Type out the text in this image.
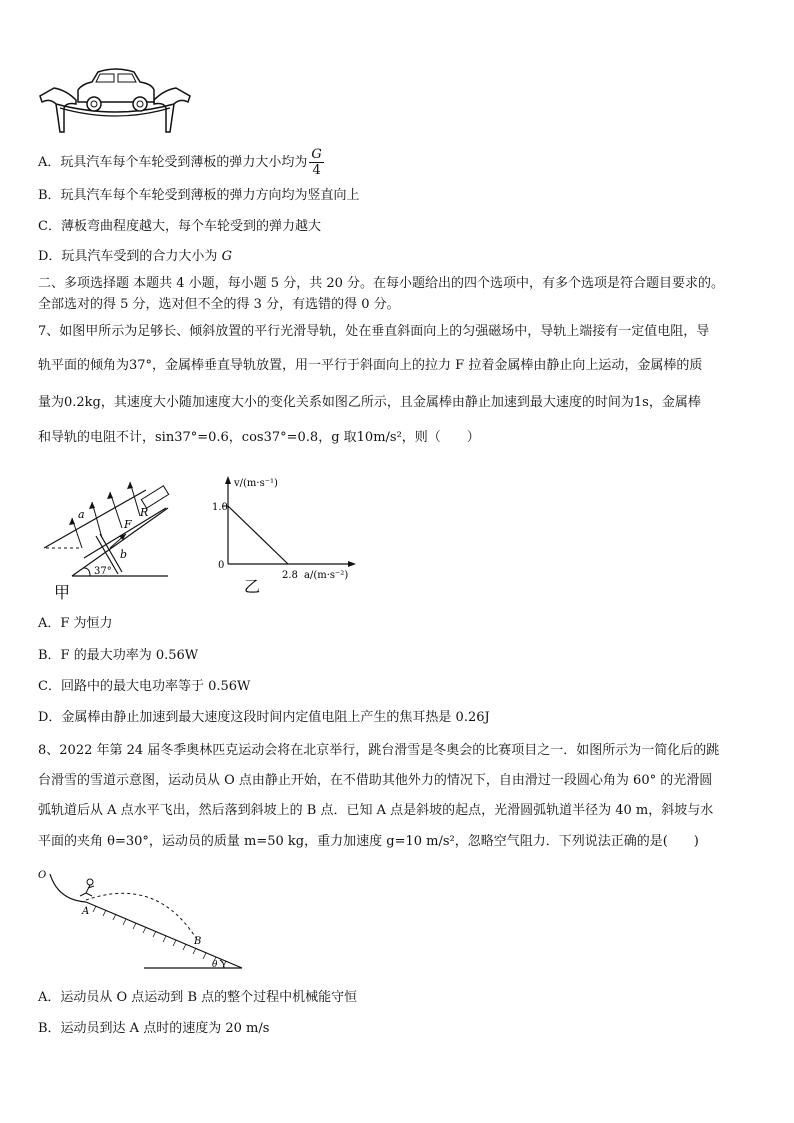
A．玩具汽车每个车轮受到薄板的弹力大小均为 $\frac{G}{4}$
B．玩具汽车每个车轮受到薄板的弹力方向均为竖直向上
C．薄板弯曲程度越大，每个车轮受到的弹力越大
D．玩具汽车受到的合力大小为 G
二、多项选择题 本题共 4 小题，每小题 5 分，共 20 分。在每小题给出的四个选项中，有多个选项是符合题目要求的。
全部选对的得 5 分，选对但不全的得 3 分，有选错的得 0 分。
7、如图甲所示为足够长、倾斜放置的平行光滑导轨，处在垂直斜面向上的匀强磁场中，导轨上端接有一定值电阻，导
轨平面的倾角为37°，金属棒垂直导轨放置，用一平行于斜面向上的拉力 F 拉着金属棒由静止向上运动，金属棒的质
量为0.2kg，其速度大小随加速度大小的变化关系如图乙所示，且金属棒由静止加速到最大速度的时间为1s，金属棒
和导轨的电阻不计，sin37°=0.6，cos37°=0.8，g 取10m/s²，则（　　）
a
b
R
F
37°
甲
v/(m·s⁻¹)
1.0
0
2.8 a/(m·s⁻²)
乙
A．F 为恒力
B．F 的最大功率为 0.56W
C．回路中的最大电功率等于 0.56W
D．金属棒由静止加速到最大速度这段时间内定值电阻上产生的焦耳热是 0.26J
8、2022 年第 24 届冬季奥林匹克运动会将在北京举行，跳台滑雪是冬奥会的比赛项目之一．如图所示为一简化后的跳
台滑雪的雪道示意图，运动员从 O 点由静止开始，在不借助其他外力的情况下，自由滑过一段圆心角为 60° 的光滑圆
弧轨道后从 A 点水平飞出，然后落到斜坡上的 B 点．已知 A 点是斜坡的起点，光滑圆弧轨道半径为 40 m，斜坡与水
平面的夹角 θ=30°，运动员的质量 m=50 kg，重力加速度 g=10 m/s²，忽略空气阻力．下列说法正确的是(　　)
O
A
B
θ
A．运动员从 O 点运动到 B 点的整个过程中机械能守恒
B．运动员到达 A 点时的速度为 20 m/s
